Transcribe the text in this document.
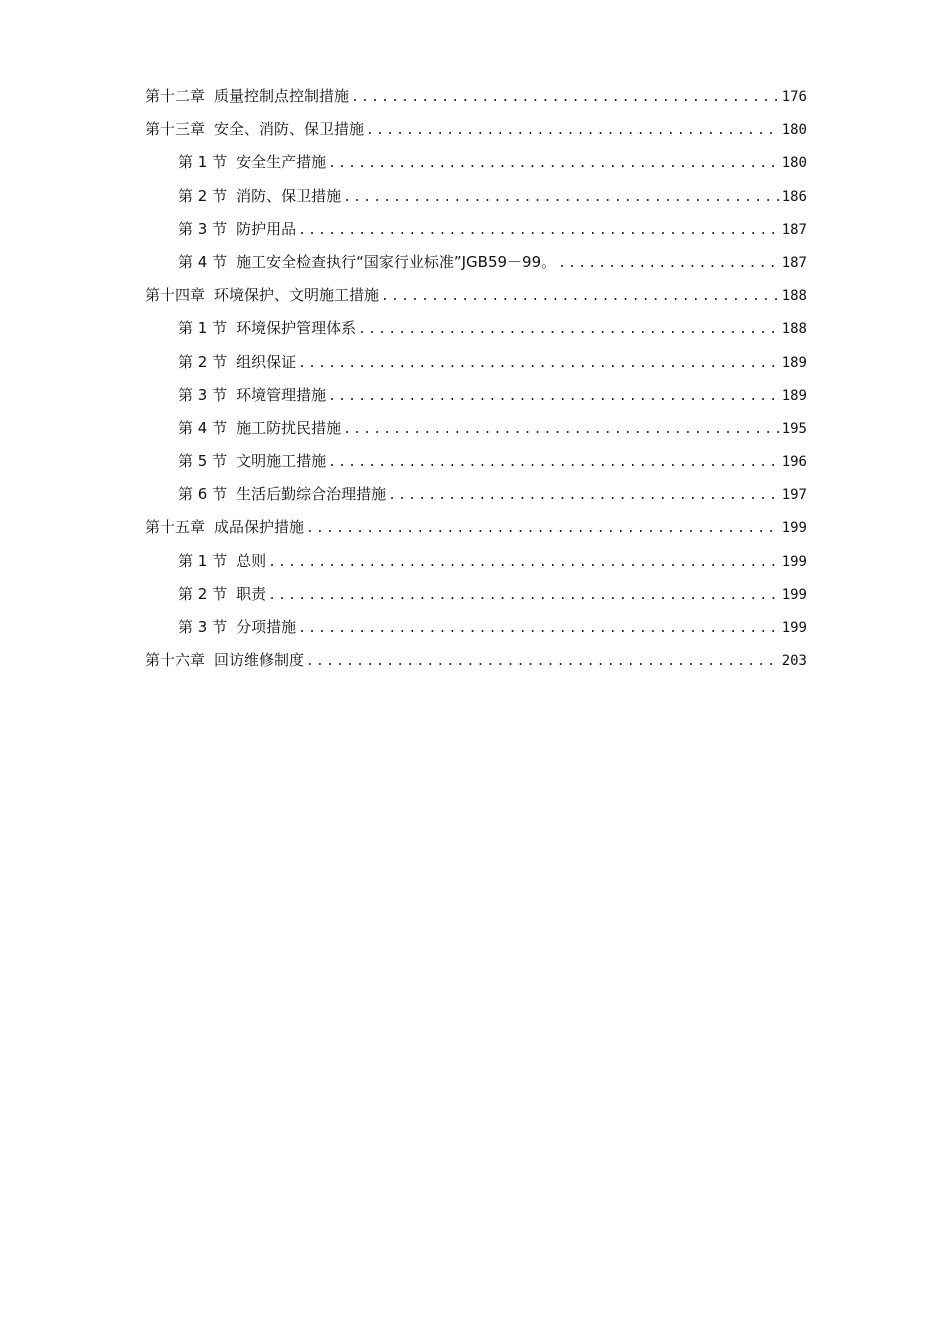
第十二章 质量控制点控制措施 .....	176
第十三章 安全、消防、保卫措施 .....	180
第 1 节 安全生产措施 .....	180
第 2 节 消防、保卫措施 .....	186
第 3 节 防护用品 .....	187
第 4 节 施工安全检查执行“国家行业标准”JGB59－99。 .....	187
第十四章 环境保护、文明施工措施 .....	188
第 1 节 环境保护管理体系 .....	188
第 2 节 组织保证 .....	189
第 3 节 环境管理措施 .....	189
第 4 节 施工防扰民措施 .....	195
第 5 节 文明施工措施 .....	196
第 6 节 生活后勤综合治理措施 .....	197
第十五章 成品保护措施 .....	199
第 1 节 总则 .....	199
第 2 节 职责 .....	199
第 3 节 分项措施 .....	199
第十六章 回访维修制度 .....	203
